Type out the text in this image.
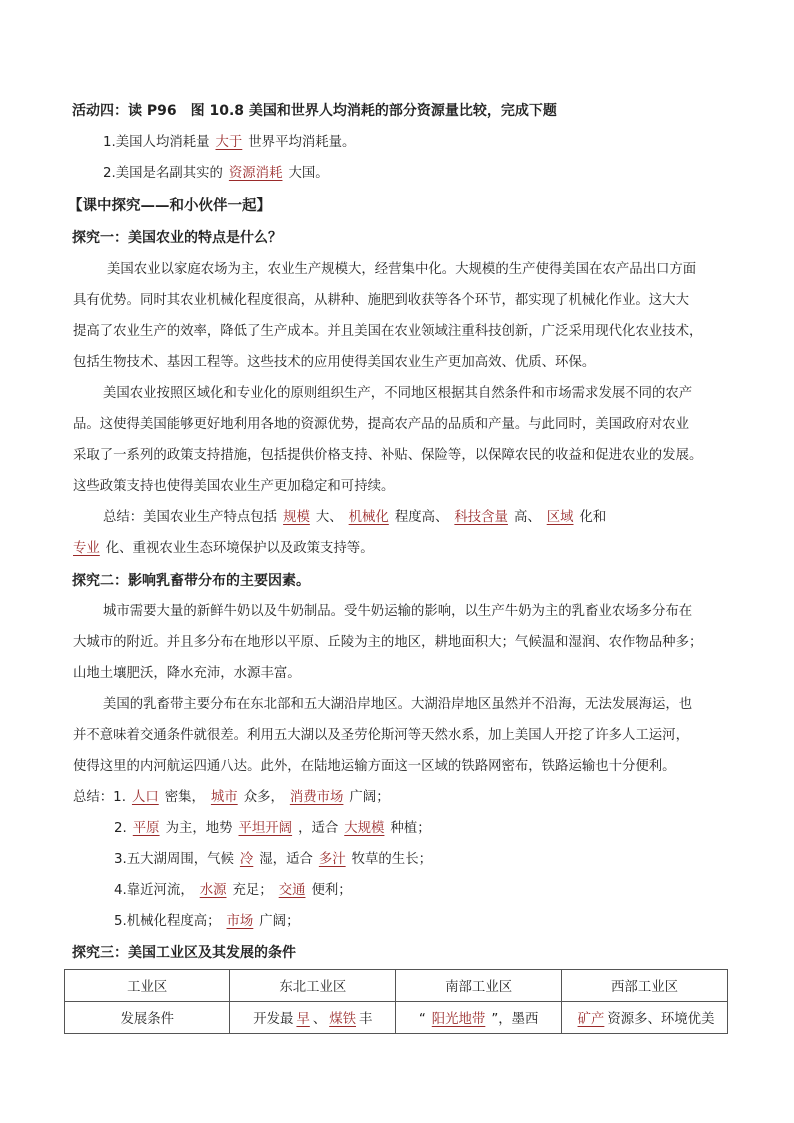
活动四：读 P96　图 10.8 美国和世界人均消耗的部分资源量比较，完成下题
1.美国人均消耗量 大于 世界平均消耗量。
2.美国是名副其实的 资源消耗 大国。
【课中探究——和小伙伴一起】
探究一：美国农业的特点是什么？
美国农业以家庭农场为主，农业生产规模大，经营集中化。大规模的生产使得美国在农产品出口方面
具有优势。同时其农业机械化程度很高，从耕种、施肥到收获等各个环节，都实现了机械化作业。这大大
提高了农业生产的效率，降低了生产成本。并且美国在农业领域注重科技创新，广泛采用现代化农业技术，
包括生物技术、基因工程等。这些技术的应用使得美国农业生产更加高效、优质、环保。
美国农业按照区域化和专业化的原则组织生产，不同地区根据其自然条件和市场需求发展不同的农产
品。这使得美国能够更好地利用各地的资源优势，提高农产品的品质和产量。与此同时，美国政府对农业
采取了一系列的政策支持措施，包括提供价格支持、补贴、保险等，以保障农民的收益和促进农业的发展。
这些政策支持也使得美国农业生产更加稳定和可持续。
总结：美国农业生产特点包括 规模 大、 机械化 程度高、 科技含量 高、 区域 化和
专业 化、重视农业生态环境保护以及政策支持等。
探究二：影响乳畜带分布的主要因素。
城市需要大量的新鲜牛奶以及牛奶制品。受牛奶运输的影响，以生产牛奶为主的乳畜业农场多分布在
大城市的附近。并且多分布在地形以平原、丘陵为主的地区，耕地面积大；气候温和湿润、农作物品种多；
山地土壤肥沃，降水充沛，水源丰富。
美国的乳畜带主要分布在东北部和五大湖沿岸地区。大湖沿岸地区虽然并不沿海，无法发展海运，也
并不意味着交通条件就很差。利用五大湖以及圣劳伦斯河等天然水系，加上美国人开挖了许多人工运河，
使得这里的内河航运四通八达。此外，在陆地运输方面这一区域的铁路网密布，铁路运输也十分便利。
总结：1. 人口 密集， 城市 众多， 消费市场 广阔；
2. 平原 为主，地势 平坦开阔 ，适合 大规模 种植；
3.五大湖周围，气候 冷 湿，适合 多汁 牧草的生长；
4.靠近河流， 水源 充足； 交通 便利；
5.机械化程度高； 市场 广阔；
探究三：美国工业区及其发展的条件
工业区	东北工业区	南部工业区	西部工业区
发展条件	开发最 早 、 煤铁 丰	“ 阳光地带 ”，墨西	矿产 资源多、环境优美
